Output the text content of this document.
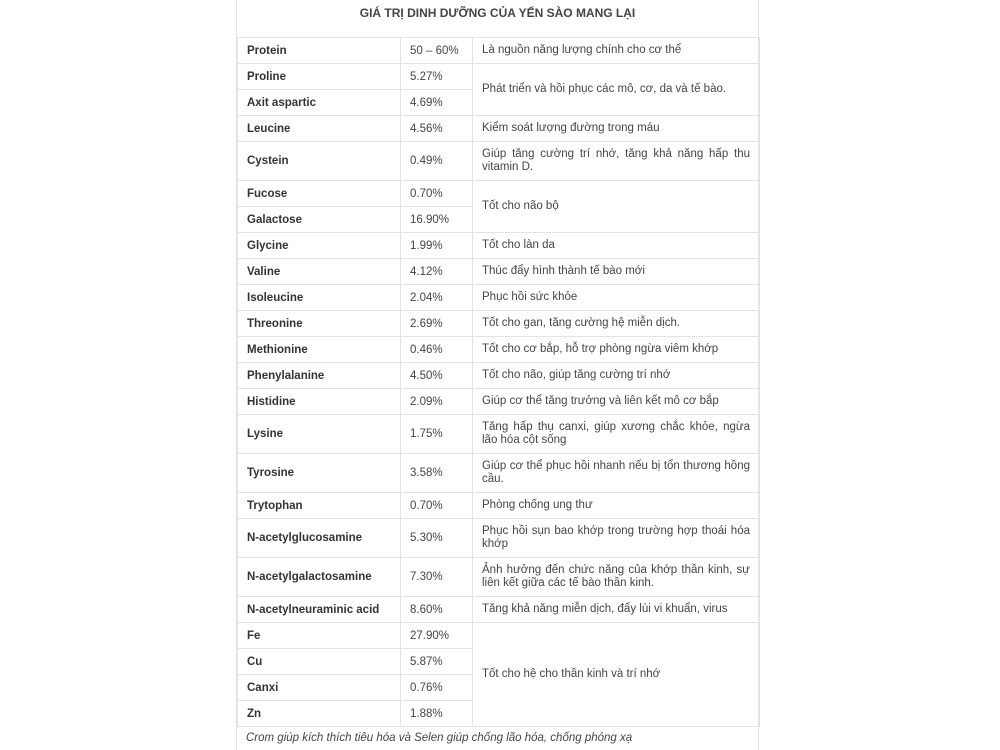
GIÁ TRỊ DINH DƯỠNG CỦA YẾN SÀO MANG LẠI
Protein	50 – 60%	Là nguồn năng lượng chính cho cơ thể
Proline	5.27%	Phát triển và hồi phục các mô, cơ, da và tế bào.
Axit aspartic	4.69%	
Leucine	4.56%	Kiểm soát lượng đường trong máu
Cystein	0.49%	Giúp tăng cường trí nhớ, tăng khả năng hấp thu vitamin D.
Fucose	0.70%	Tốt cho não bộ
Galactose	16.90%	
Glycine	1.99%	Tốt cho làn da
Valine	4.12%	Thúc đẩy hình thành tế bào mới
Isoleucine	2.04%	Phục hồi sức khỏe
Threonine	2.69%	Tốt cho gan, tăng cường hệ miễn dịch.
Methionine	0.46%	Tốt cho cơ bắp, hỗ trợ phòng ngừa viêm khớp
Phenylalanine	4.50%	Tốt cho não, giúp tăng cường trí nhớ
Histidine	2.09%	Giúp cơ thể tăng trưởng và liên kết mô cơ bắp
Lysine	1.75%	Tăng hấp thụ canxi, giúp xương chắc khỏe, ngừa lão hóa cột sống
Tyrosine	3.58%	Giúp cơ thể phục hồi nhanh nếu bị tổn thương hồng cầu.
Trytophan	0.70%	Phòng chống ung thư
N-acetylglucosamine	5.30%	Phục hồi sụn bao khớp trong trường hợp thoái hóa khớp
N-acetylgalactosamine	7.30%	Ảnh hưởng đến chức năng của khớp thần kinh, sự liên kết giữa các tế bào thần kinh.
N-acetylneuraminic acid	8.60%	Tăng khả năng miễn dịch, đẩy lùi vi khuẩn, virus
Fe	27.90%	Tốt cho hệ cho thần kinh và trí nhớ
Cu	5.87%	
Canxi	0.76%	
Zn	1.88%	
Crom giúp kích thích tiêu hóa và Selen giúp chống lão hóa, chống phóng xạ
